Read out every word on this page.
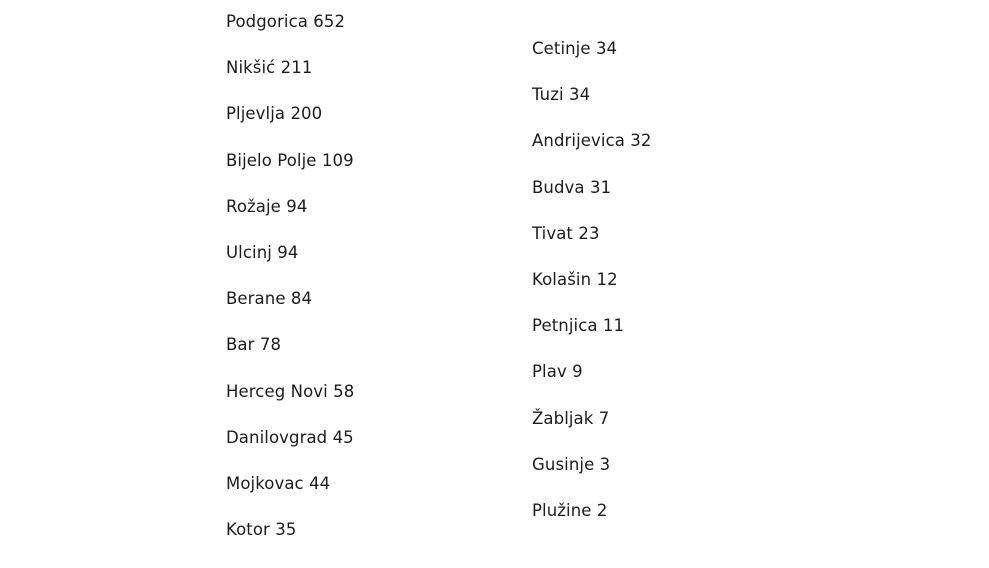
Podgorica 652
Nikšić 211
Pljevlja 200
Bijelo Polje 109
Rožaje 94
Ulcinj 94
Berane 84
Bar 78
Herceg Novi 58
Danilovgrad 45
Mojkovac 44
Kotor 35
Cetinje 34
Tuzi 34
Andrijevica 32
Budva 31
Tivat 23
Kolašin 12
Petnjica 11
Plav 9
Žabljak 7
Gusinje 3
Plužine 2
